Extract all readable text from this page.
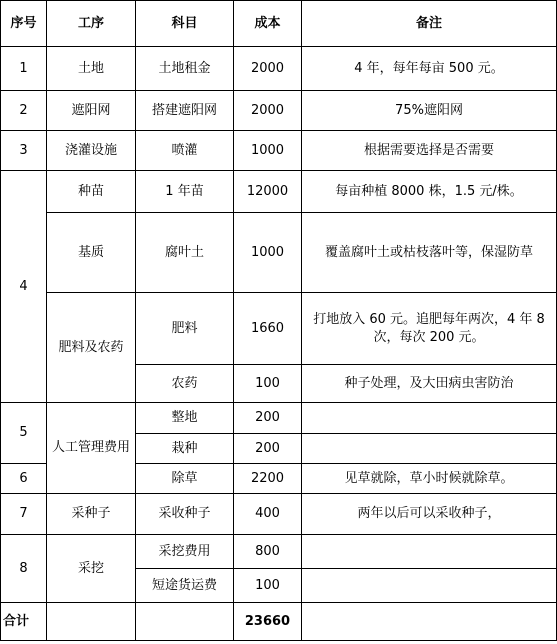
序号	工序	科目	成本	备注
1	土地	土地租金	2000	4 年，每年每亩 500 元。
2	遮阳网	搭建遮阳网	2000	75%遮阳网
3	浇灌设施	喷灌	1000	根据需要选择是否需要
4	种苗	1 年苗	12000	每亩种植 8000 株，1.5 元/株。
	基质	腐叶土	1000	覆盖腐叶土或枯枝落叶等，保湿防草
	肥料及农药	肥料	1660	打地放入 60 元。追肥每年两次，4 年 8 次，每次 200 元。
		农药	100	种子处理，及大田病虫害防治
5	人工管理费用	整地	200	
		栽种	200	
6		除草	2200	见草就除，草小时候就除草。
7	采种子	采收种子	400	两年以后可以采收种子，
8	采挖	采挖费用	800	
		短途货运费	100	
合计			23660	
